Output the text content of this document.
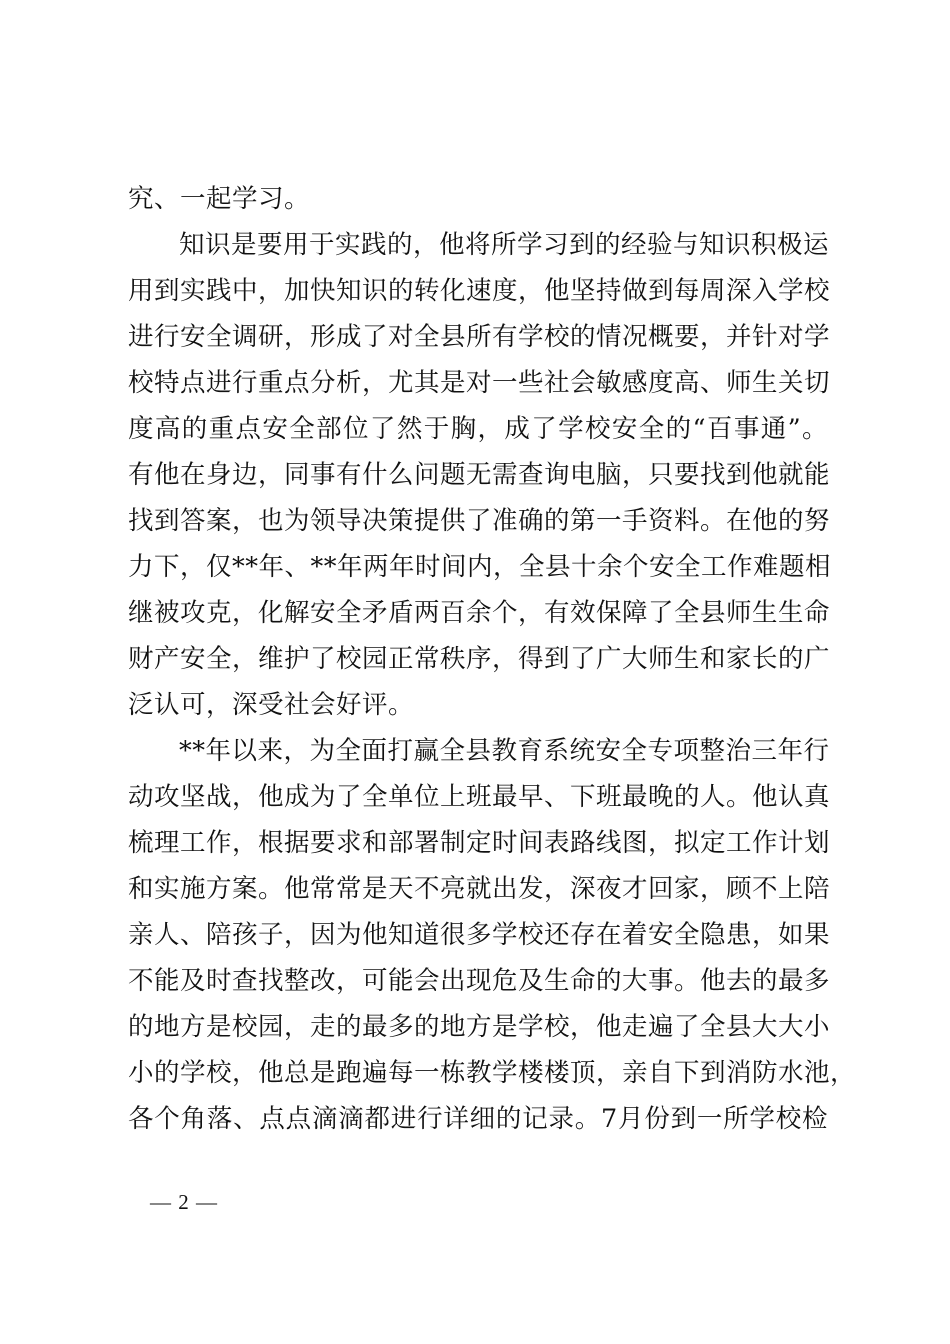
究、一起学习。
知识是要用于实践的，他将所学习到的经验与知识积极运
用到实践中，加快知识的转化速度，他坚持做到每周深入学校
进行安全调研，形成了对全县所有学校的情况概要，并针对学
校特点进行重点分析，尤其是对一些社会敏感度高、师生关切
度高的重点安全部位了然于胸，成了学校安全的“百事通”。
有他在身边，同事有什么问题无需查询电脑，只要找到他就能
找到答案，也为领导决策提供了准确的第一手资料。在他的努
力下，仅**年、**年两年时间内，全县十余个安全工作难题相
继被攻克，化解安全矛盾两百余个，有效保障了全县师生生命
财产安全，维护了校园正常秩序，得到了广大师生和家长的广
泛认可，深受社会好评。
**年以来，为全面打赢全县教育系统安全专项整治三年行
动攻坚战，他成为了全单位上班最早、下班最晚的人。他认真
梳理工作，根据要求和部署制定时间表路线图，拟定工作计划
和实施方案。他常常是天不亮就出发，深夜才回家，顾不上陪
亲人、陪孩子，因为他知道很多学校还存在着安全隐患，如果
不能及时查找整改，可能会出现危及生命的大事。他去的最多
的地方是校园，走的最多的地方是学校，他走遍了全县大大小
小的学校，他总是跑遍每一栋教学楼楼顶，亲自下到消防水池，
各个角落、点点滴滴都进行详细的记录。7月份到一所学校检
— 2 —
